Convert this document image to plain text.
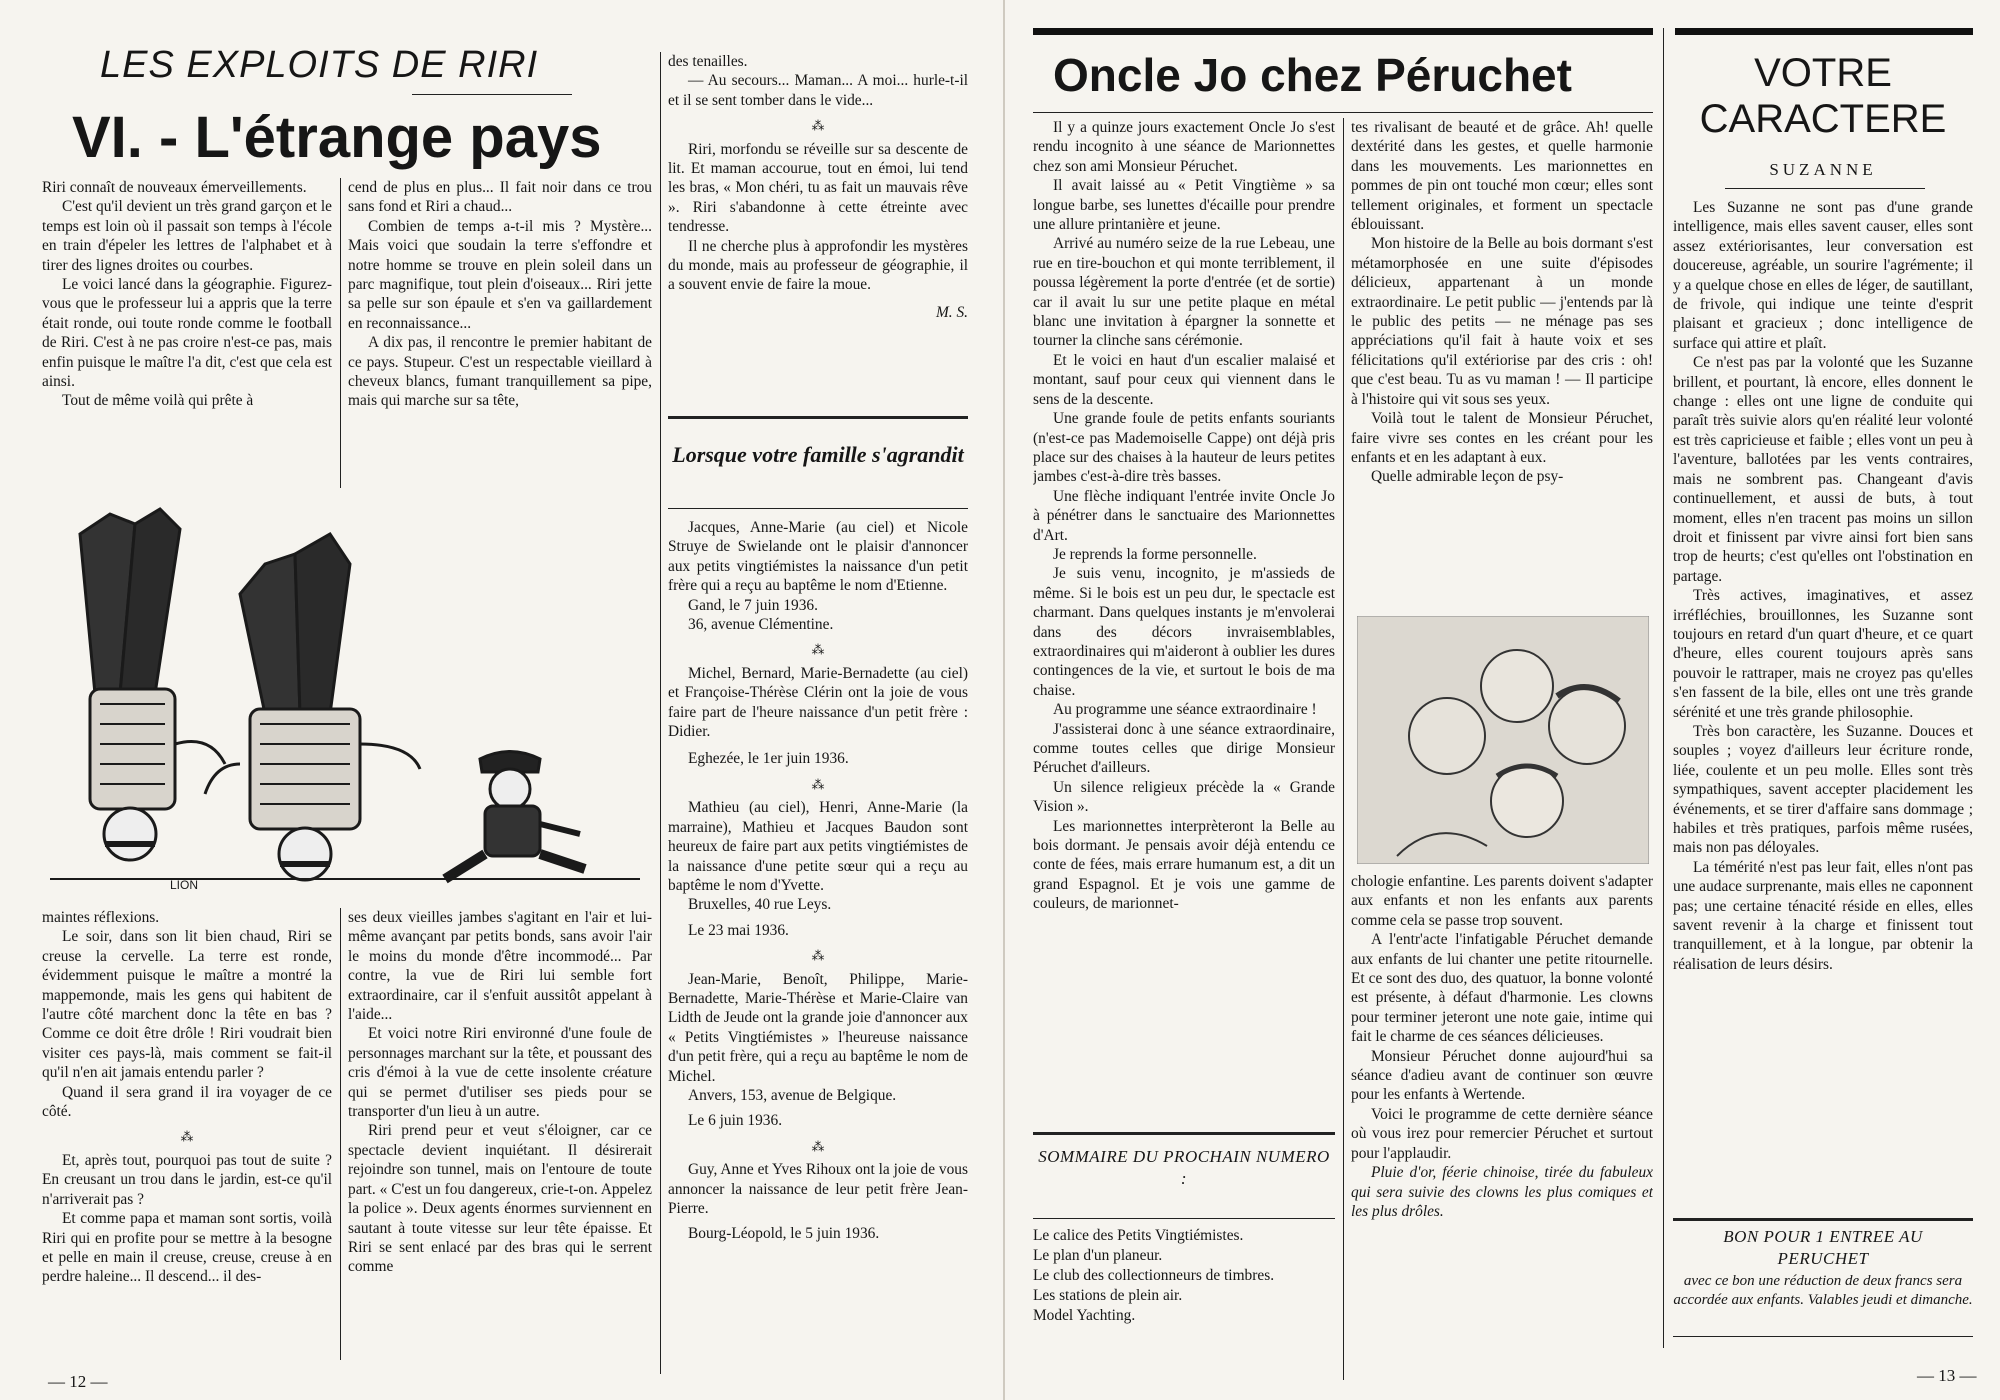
LES EXPLOITS DE RIRI
VI. - L'étrange pays

Riri connaît de nouveaux émerveillements.

C'est qu'il devient un très grand garçon et le temps est loin où il passait son temps à l'école en train d'épeler les lettres de l'alphabet et à tirer des lignes droites ou courbes.

Le voici lancé dans la géographie. Figurez-vous que le professeur lui a appris que la terre était ronde, oui toute ronde comme le football de Riri. C'est à ne pas croire n'est-ce pas, mais enfin puisque le maître l'a dit, c'est que cela est ainsi.

Tout de même voilà qui prête à

cend de plus en plus... Il fait noir dans ce trou sans fond et Riri a chaud...

Combien de temps a-t-il mis ? Mystère... Mais voici que soudain la terre s'effondre et notre homme se trouve en plein soleil dans un parc magnifique, tout plein d'oiseaux... Riri jette sa pelle sur son épaule et s'en va gaillardement en reconnaissance...

A dix pas, il rencontre le premier habitant de ce pays. Stupeur. C'est un respectable vieillard à cheveux blancs, fumant tranquillement sa pipe, mais qui marche sur sa tête,

LION

maintes réflexions.

Le soir, dans son lit bien chaud, Riri se creuse la cervelle. La terre est ronde, évidemment puisque le maître a montré la mappemonde, mais les gens qui habitent de l'autre côté marchent donc la tête en bas ? Comme ce doit être drôle ! Riri voudrait bien visiter ces pays-là, mais comment se fait-il qu'il n'en ait jamais entendu parler ?

Quand il sera grand il ira voyager de ce côté.

⁂

Et, après tout, pourquoi pas tout de suite ? En creusant un trou dans le jardin, est-ce qu'il n'arriverait pas ?

Et comme papa et maman sont sortis, voilà Riri qui en profite pour se mettre à la besogne et pelle en main il creuse, creuse, creuse à en perdre haleine... Il descend... il des-

ses deux vieilles jambes s'agitant en l'air et lui-même avançant par petits bonds, sans avoir l'air le moins du monde d'être incommodé... Par contre, la vue de Riri lui semble fort extraordinaire, car il s'enfuit aussitôt appelant à l'aide...

Et voici notre Riri environné d'une foule de personnages marchant sur la tête, et poussant des cris d'émoi à la vue de cette insolente créature qui se permet d'utiliser ses pieds pour se transporter d'un lieu à un autre.

Riri prend peur et veut s'éloigner, car ce spectacle devient inquiétant. Il désirerait rejoindre son tunnel, mais on l'entoure de toute part. « C'est un fou dangereux, crie-t-on. Appelez la police ». Deux agents énormes surviennent en sautant à toute vitesse sur leur tête épaisse. Et Riri se sent enlacé par des bras qui le serrent comme

des tenailles.

— Au secours... Maman... A moi... hurle-t-il et il se sent tomber dans le vide...

⁂

Riri, morfondu se réveille sur sa descente de lit. Et maman accourue, tout en émoi, lui tend les bras, « Mon chéri, tu as fait un mauvais rêve ». Riri s'abandonne à cette étreinte avec tendresse.

Il ne cherche plus à approfondir les mystères du monde, mais au professeur de géographie, il a souvent envie de faire la moue.

M. S.
Lorsque votre famille s'agrandit

Jacques, Anne-Marie (au ciel) et Nicole Struye de Swielande ont le plaisir d'annoncer aux petits vingtiémistes la naissance d'un petit frère qui a reçu au baptême le nom d'Etienne.

Gand, le 7 juin 1936.

36, avenue Clémentine.

⁂

Michel, Bernard, Marie-Bernadette (au ciel) et Françoise-Thérèse Clérin ont la joie de vous faire part de l'heure naissance d'un petit frère : Didier.

Eghezée, le 1er juin 1936.

⁂

Mathieu (au ciel), Henri, Anne-Marie (la marraine), Mathieu et Jacques Baudon sont heureux de faire part aux petits vingtiémistes de la naissance d'une petite sœur qui a reçu au baptême le nom d'Yvette.

Bruxelles, 40 rue Leys.

Le 23 mai 1936.

⁂

Jean-Marie, Benoît, Philippe, Marie-Bernadette, Marie-Thérèse et Marie-Claire van Lidth de Jeude ont la grande joie d'annoncer aux « Petits Vingtiémistes » l'heureuse naissance d'un petit frère, qui a reçu au baptême le nom de Michel.

Anvers, 153, avenue de Belgique.

Le 6 juin 1936.

⁂

Guy, Anne et Yves Rihoux ont la joie de vous annoncer la naissance de leur petit frère Jean-Pierre.

Bourg-Léopold, le 5 juin 1936.

— 12 —
Oncle Jo chez Péruchet

Il y a quinze jours exactement Oncle Jo s'est rendu incognito à une séance de Marionnettes chez son ami Monsieur Péruchet.

Il avait laissé au « Petit Vingtième » sa longue barbe, ses lunettes d'écaille pour prendre une allure printanière et jeune.

Arrivé au numéro seize de la rue Lebeau, une rue en tire-bouchon et qui monte terriblement, il poussa légèrement la porte d'entrée (et de sortie) car il avait lu sur une petite plaque en métal blanc une invitation à épargner la sonnette et tourner la clinche sans cérémonie.

Et le voici en haut d'un escalier malaisé et montant, sauf pour ceux qui viennent dans le sens de la descente.

Une grande foule de petits enfants souriants (n'est-ce pas Mademoiselle Cappe) ont déjà pris place sur des chaises à la hauteur de leurs petites jambes c'est-à-dire très basses.

Une flèche indiquant l'entrée invite Oncle Jo à pénétrer dans le sanctuaire des Marionnettes d'Art.

Je reprends la forme personnelle.

Je suis venu, incognito, je m'assieds de même. Si le bois est un peu dur, le spectacle est charmant. Dans quelques instants je m'envolerai dans des décors invraisemblables, extraordinaires qui m'aideront à oublier les dures contingences de la vie, et surtout le bois de ma chaise.

Au programme une séance extraordinaire !

J'assisterai donc à une séance extraordinaire, comme toutes celles que dirige Monsieur Péruchet d'ailleurs.

Un silence religieux précède la « Grande Vision ».

Les marionnettes interprèteront la Belle au bois dormant. Je pensais avoir déjà entendu ce conte de fées, mais errare humanum est, a dit un grand Espagnol. Et je vois une gamme de couleurs, de marionnet-

SOMMAIRE DU PROCHAIN NUMERO :

Le calice des Petits Vingtiémistes.

Le plan d'un planeur.

Le club des collectionneurs de timbres.

Les stations de plein air.

Model Yachting.

tes rivalisant de beauté et de grâce. Ah! quelle dextérité dans les gestes, et quelle harmonie dans les mouvements. Les marionnettes en pommes de pin ont touché mon cœur; elles sont tellement originales, et forment un spectacle éblouissant.

Mon histoire de la Belle au bois dormant s'est métamorphosée en une suite d'épisodes délicieux, appartenant à un monde extraordinaire. Le petit public — j'entends par là le public des petits — ne ménage pas ses appréciations qu'il fait à haute voix et ses félicitations qu'il extériorise par des cris : oh! que c'est beau. Tu as vu maman ! — Il participe à l'histoire qui vit sous ses yeux.

Voilà tout le talent de Monsieur Péruchet, faire vivre ses contes en les créant pour les enfants et en les adaptant à eux.

Quelle admirable leçon de psy-

chologie enfantine. Les parents doivent s'adapter aux enfants et non les enfants aux parents comme cela se passe trop souvent.

A l'entr'acte l'infatigable Péruchet demande aux enfants de lui chanter une petite ritournelle. Et ce sont des duo, des quatuor, la bonne volonté est présente, à défaut d'harmonie. Les clowns pour terminer jeteront une note gaie, intime qui fait le charme de ces séances délicieuses.

Monsieur Péruchet donne aujourd'hui sa séance d'adieu avant de continuer son œuvre pour les enfants à Wertende.

Voici le programme de cette dernière séance où vous irez pour remercier Péruchet et surtout pour l'applaudir.

Pluie d'or, féerie chinoise, tirée du fabuleux qui sera suivie des clowns les plus comiques et les plus drôles.

VOTRE CARACTERE
SUZANNE

Les Suzanne ne sont pas d'une grande intelligence, mais elles savent causer, elles sont assez extériorisantes, leur conversation est doucereuse, agréable, un sourire l'agrémente; il y a quelque chose en elles de léger, de sautillant, de frivole, qui indique une teinte d'esprit plaisant et gracieux ; donc intelligence de surface qui attire et plaît.

Ce n'est pas par la volonté que les Suzanne brillent, et pourtant, là encore, elles donnent le change : elles ont une ligne de conduite qui paraît très suivie alors qu'en réalité leur volonté est très capricieuse et faible ; elles vont un peu à l'aventure, ballotées par les vents contraires, mais ne sombrent pas. Changeant d'avis continuellement, et aussi de buts, à tout moment, elles n'en tracent pas moins un sillon droit et finissent par vivre ainsi fort bien sans trop de heurts; c'est qu'elles ont l'obstination en partage.

Très actives, imaginatives, et assez irréfléchies, brouillonnes, les Suzanne sont toujours en retard d'un quart d'heure, et ce quart d'heure, elles courent toujours après sans pouvoir le rattraper, mais ne croyez pas qu'elles s'en fassent de la bile, elles ont une très grande sérénité et une très grande philosophie.

Très bon caractère, les Suzanne. Douces et souples ; voyez d'ailleurs leur écriture ronde, liée, coulente et un peu molle. Elles sont très sympathiques, savent accepter placidement les événements, et se tirer d'affaire sans dommage ; habiles et très pratiques, parfois même rusées, mais non pas déloyales.

La témérité n'est pas leur fait, elles n'ont pas une audace surprenante, mais elles ne caponnent pas; une certaine ténacité réside en elles, elles savent revenir à la charge et finissent tout tranquillement, et à la longue, par obtenir la réalisation de leurs désirs.

BON POUR 1 ENTREE AU PERUCHET
avec ce bon une réduction de deux francs sera accordée aux enfants. Valables jeudi et dimanche.
— 13 —
